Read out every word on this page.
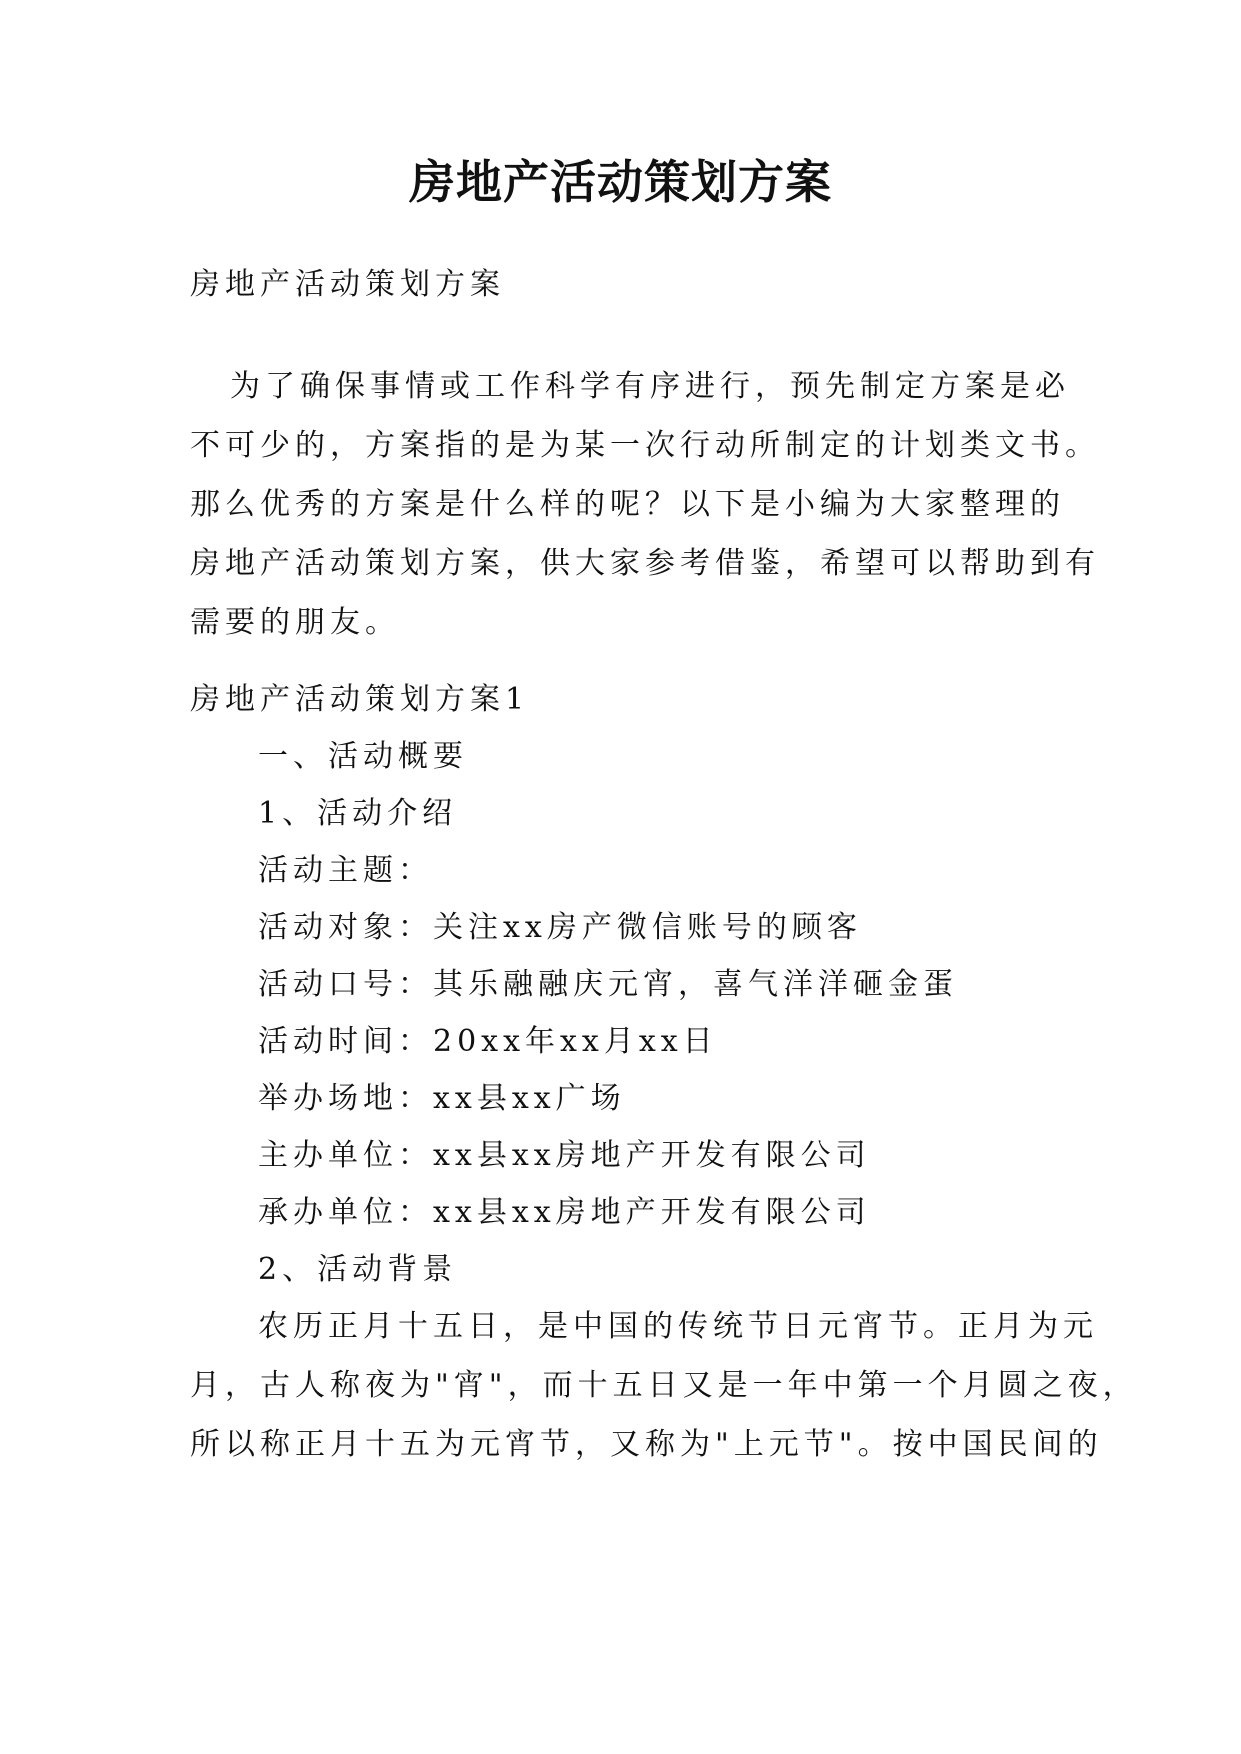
房地产活动策划方案
房地产活动策划方案
为了确保事情或工作科学有序进行，预先制定方案是必
不可少的，方案指的是为某一次行动所制定的计划类文书。
那么优秀的方案是什么样的呢？以下是小编为大家整理的
房地产活动策划方案，供大家参考借鉴，希望可以帮助到有
需要的朋友。
房地产活动策划方案1
一、活动概要
1、活动介绍
活动主题：
活动对象：关注xx房产微信账号的顾客
活动口号：其乐融融庆元宵，喜气洋洋砸金蛋
活动时间：20xx年xx月xx日
举办场地：xx县xx广场
主办单位：xx县xx房地产开发有限公司
承办单位：xx县xx房地产开发有限公司
2、活动背景
农历正月十五日，是中国的传统节日元宵节。正月为元
月，古人称夜为"宵"，而十五日又是一年中第一个月圆之夜，
所以称正月十五为元宵节，又称为"上元节"。按中国民间的
